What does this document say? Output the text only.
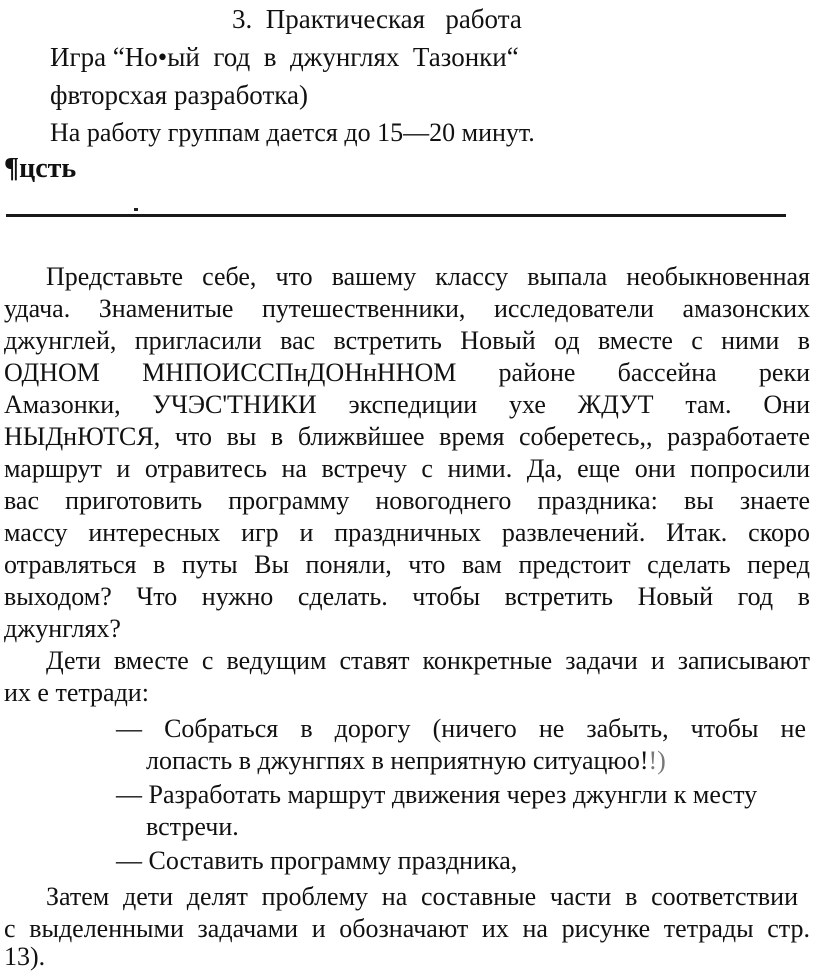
3.  Практическая   работа
Игра “Но•ый  год  в  джунглях  Тазонки“
фвторсхая разработка)
На работу группам дается до 15—20 минут.
¶цсть
Представьте себе, что вашему классу выпала необыкновенная
удача. Знаменитые путешественники, исследователи амазонских
джунглей, пригласили вас встретить Новый од вместе с ними в
ОДНОМ МНПОИССПнДОНнННОМ районе бассейна реки
Амазонки, УЧЭС'ТНИКИ экспедиции ухе ЖДУТ там. Они
НЫДнЮТСЯ, что вы в ближвйшее время соберетесь,, разработаете
маршрут и отравитесь на встречу с ними. Да, еще они попросили
вас приготовить программу новогоднего праздника: вы знаете
массу интересных игр и праздничных развлечений. Итак. скоро
отравляться в путы Вы поняли, что вам предстоит сделать перед
выходом? Что нужно сделать. чтобы встретить Новый год в
джунглях?
Дети вместе с ведущим ставят конкретные задачи и записывают
их е тетради:
—  Собраться  в  дорогу  (ничего  не  забыть,  чтобы  не
лопасть в джунгпях в неприятную ситуацюо!!)
— Разработать маршрут движения через джунгли к месту
встречи.
— Составить программу праздника,
Затем дети делят проблему на составные части в соответствии
с выделенными задачами и обозначают их на рисунке тетрады стр.
13).
